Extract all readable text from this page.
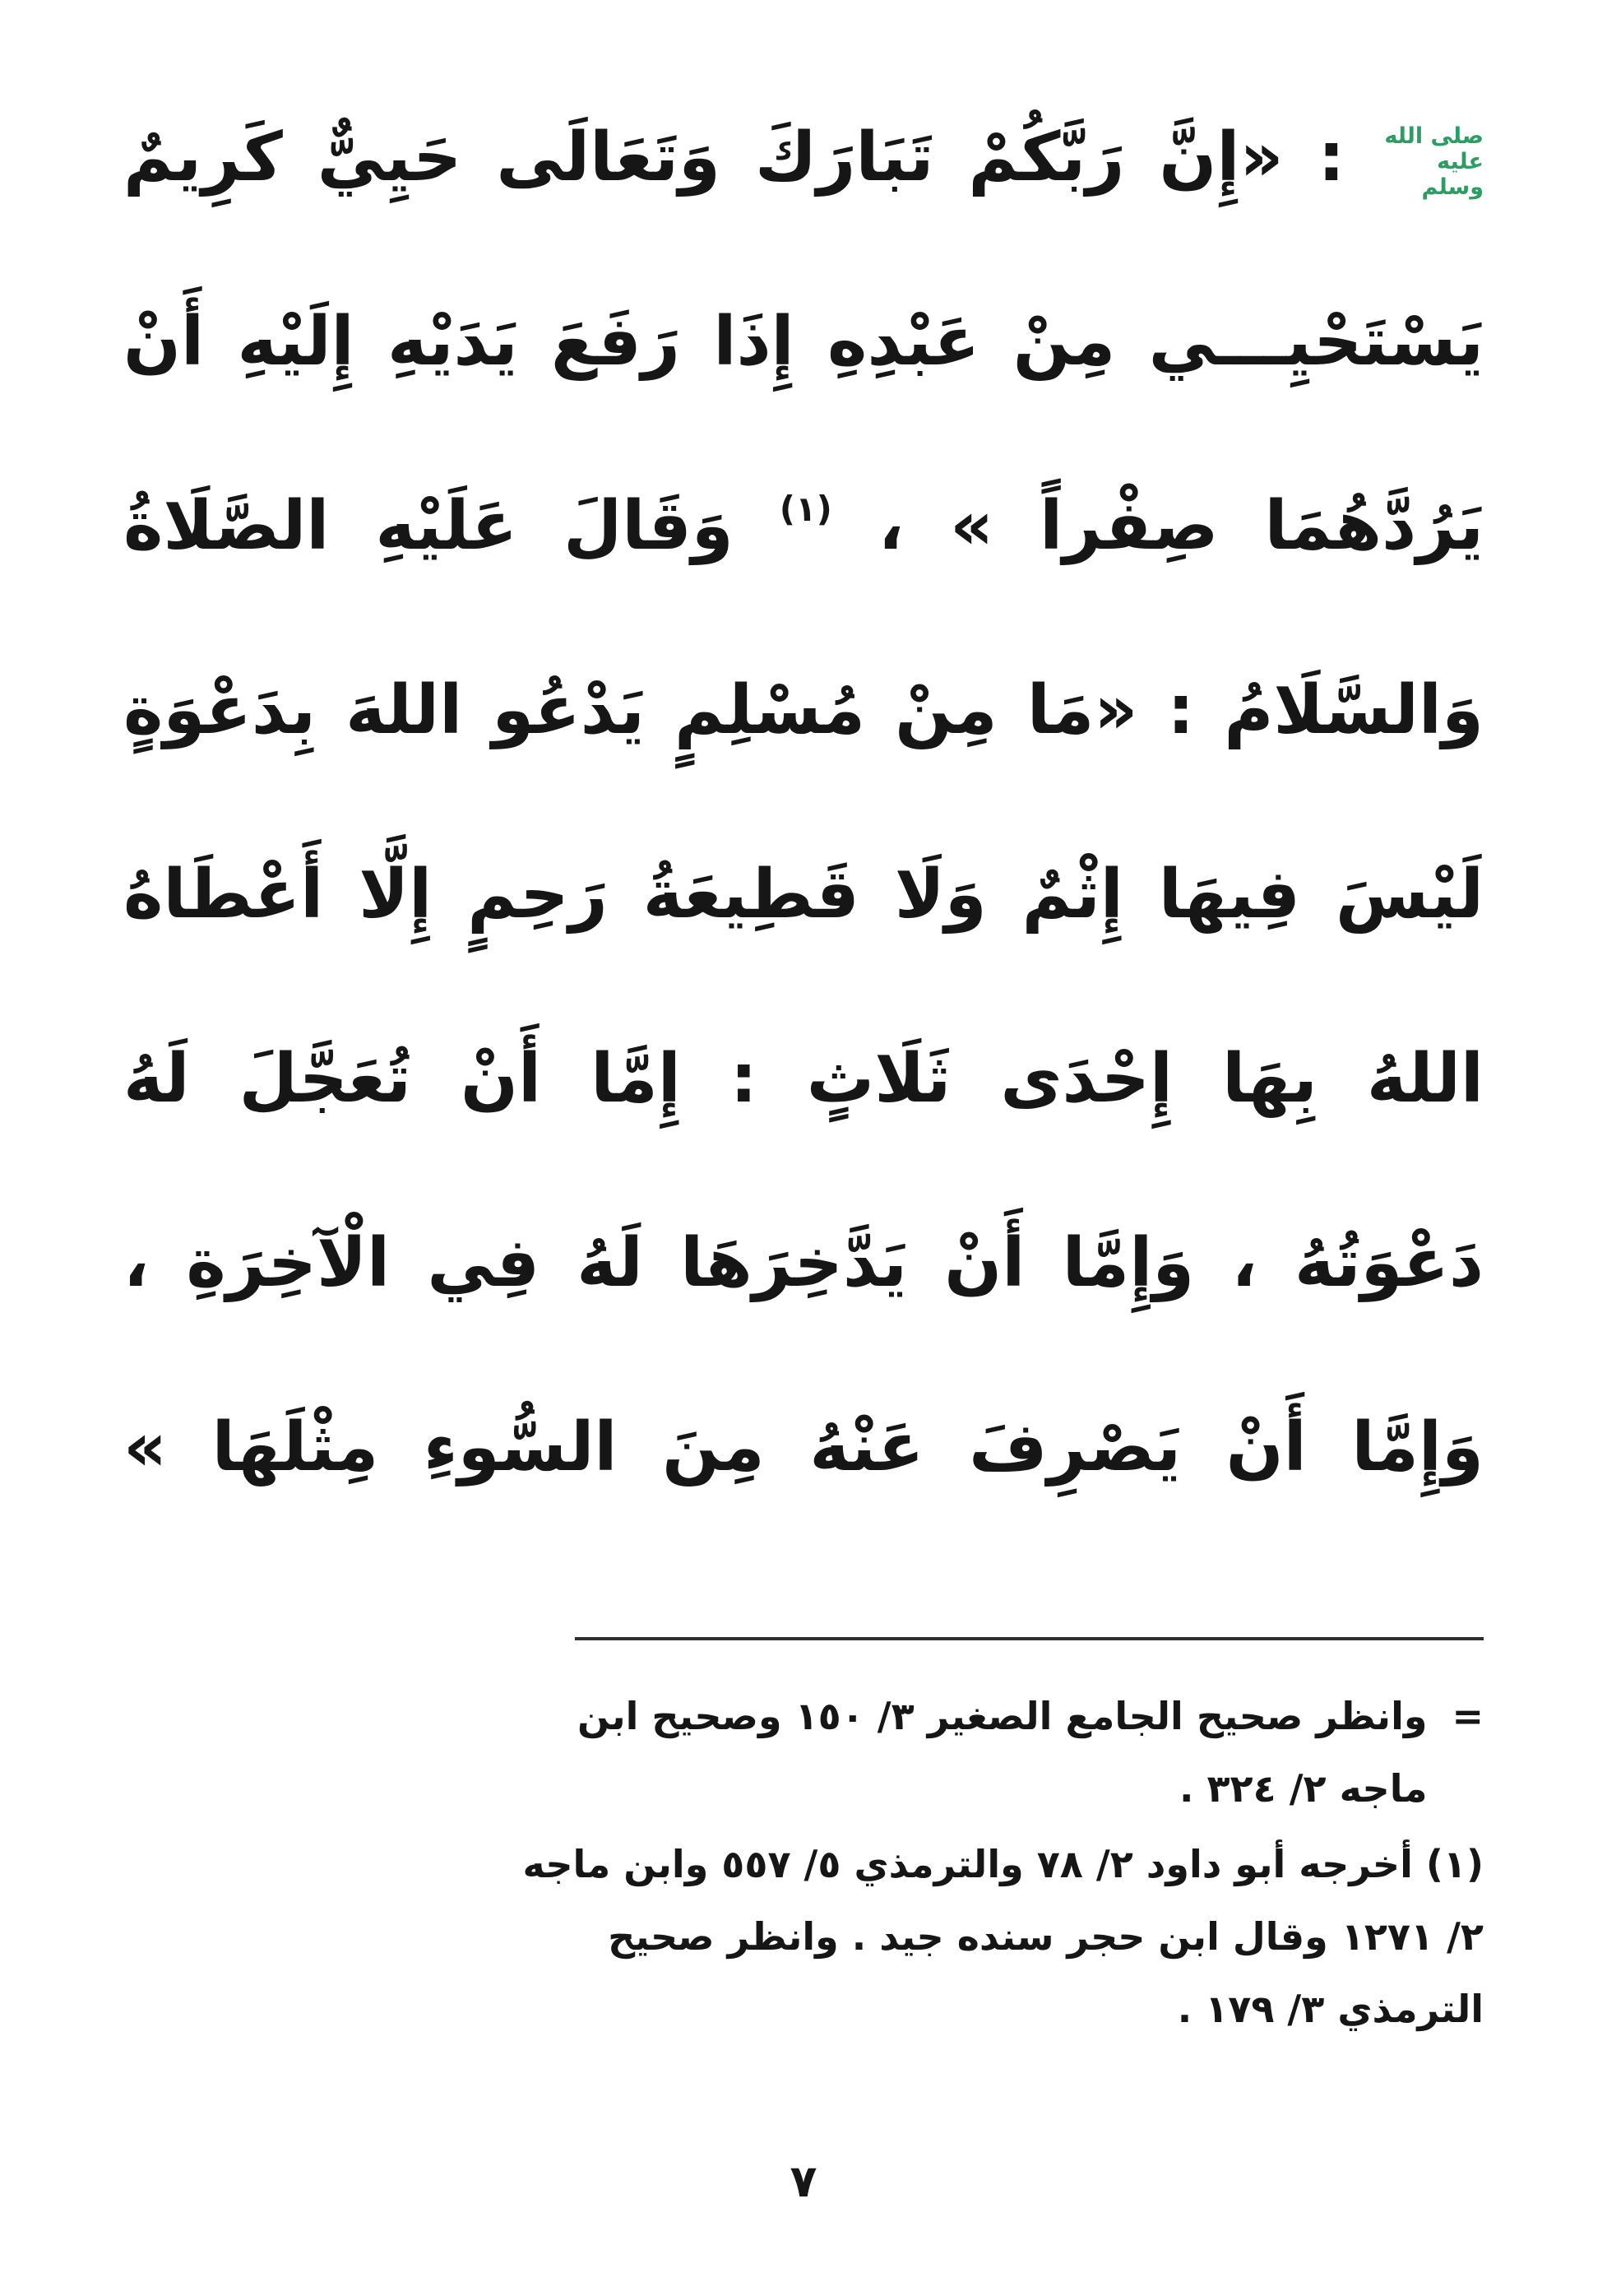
صلى الله
عليه
وسلم
: «إِنَّ رَبَّكُمْ تَبَارَكَ وَتَعَالَى حَيِيٌّ كَرِيمٌ
يَسْتَحْيِـــي مِنْ عَبْدِهِ إِذَا رَفَعَ يَدَيْهِ إِلَيْهِ أَنْ
يَرُدَّهُمَا صِفْراً » ، $^{(١)}$ وَقَالَ عَلَيْهِ الصَّلَاةُ
وَالسَّلَامُ : «مَا مِنْ مُسْلِمٍ يَدْعُو اللهَ بِدَعْوَةٍ
لَيْسَ فِيهَا إِثْمٌ وَلَا قَطِيعَةُ رَحِمٍ إِلَّا أَعْطَاهُ
اللهُ بِهَا إِحْدَى ثَلَاثٍ : إِمَّا أَنْ تُعَجَّلَ لَهُ
دَعْوَتُهُ ، وَإِمَّا أَنْ يَدَّخِرَهَا لَهُ فِي الْآخِرَةِ ،
وَإِمَّا أَنْ يَصْرِفَ عَنْهُ مِنَ السُّوءِ مِثْلَهَا »
=
وانظر صحيح الجامع الصغير ٣/ ١٥٠ وصحيح ابن
ماجه ٢/ ٣٢٤ .
(١) أخرجه أبو داود ٢/ ٧٨ والترمذي ٥/ ٥٥٧ وابن ماجه
٢/ ١٢٧١ وقال ابن حجر سنده جيد . وانظر صحيح
الترمذي ٣/ ١٧٩ .
٧
